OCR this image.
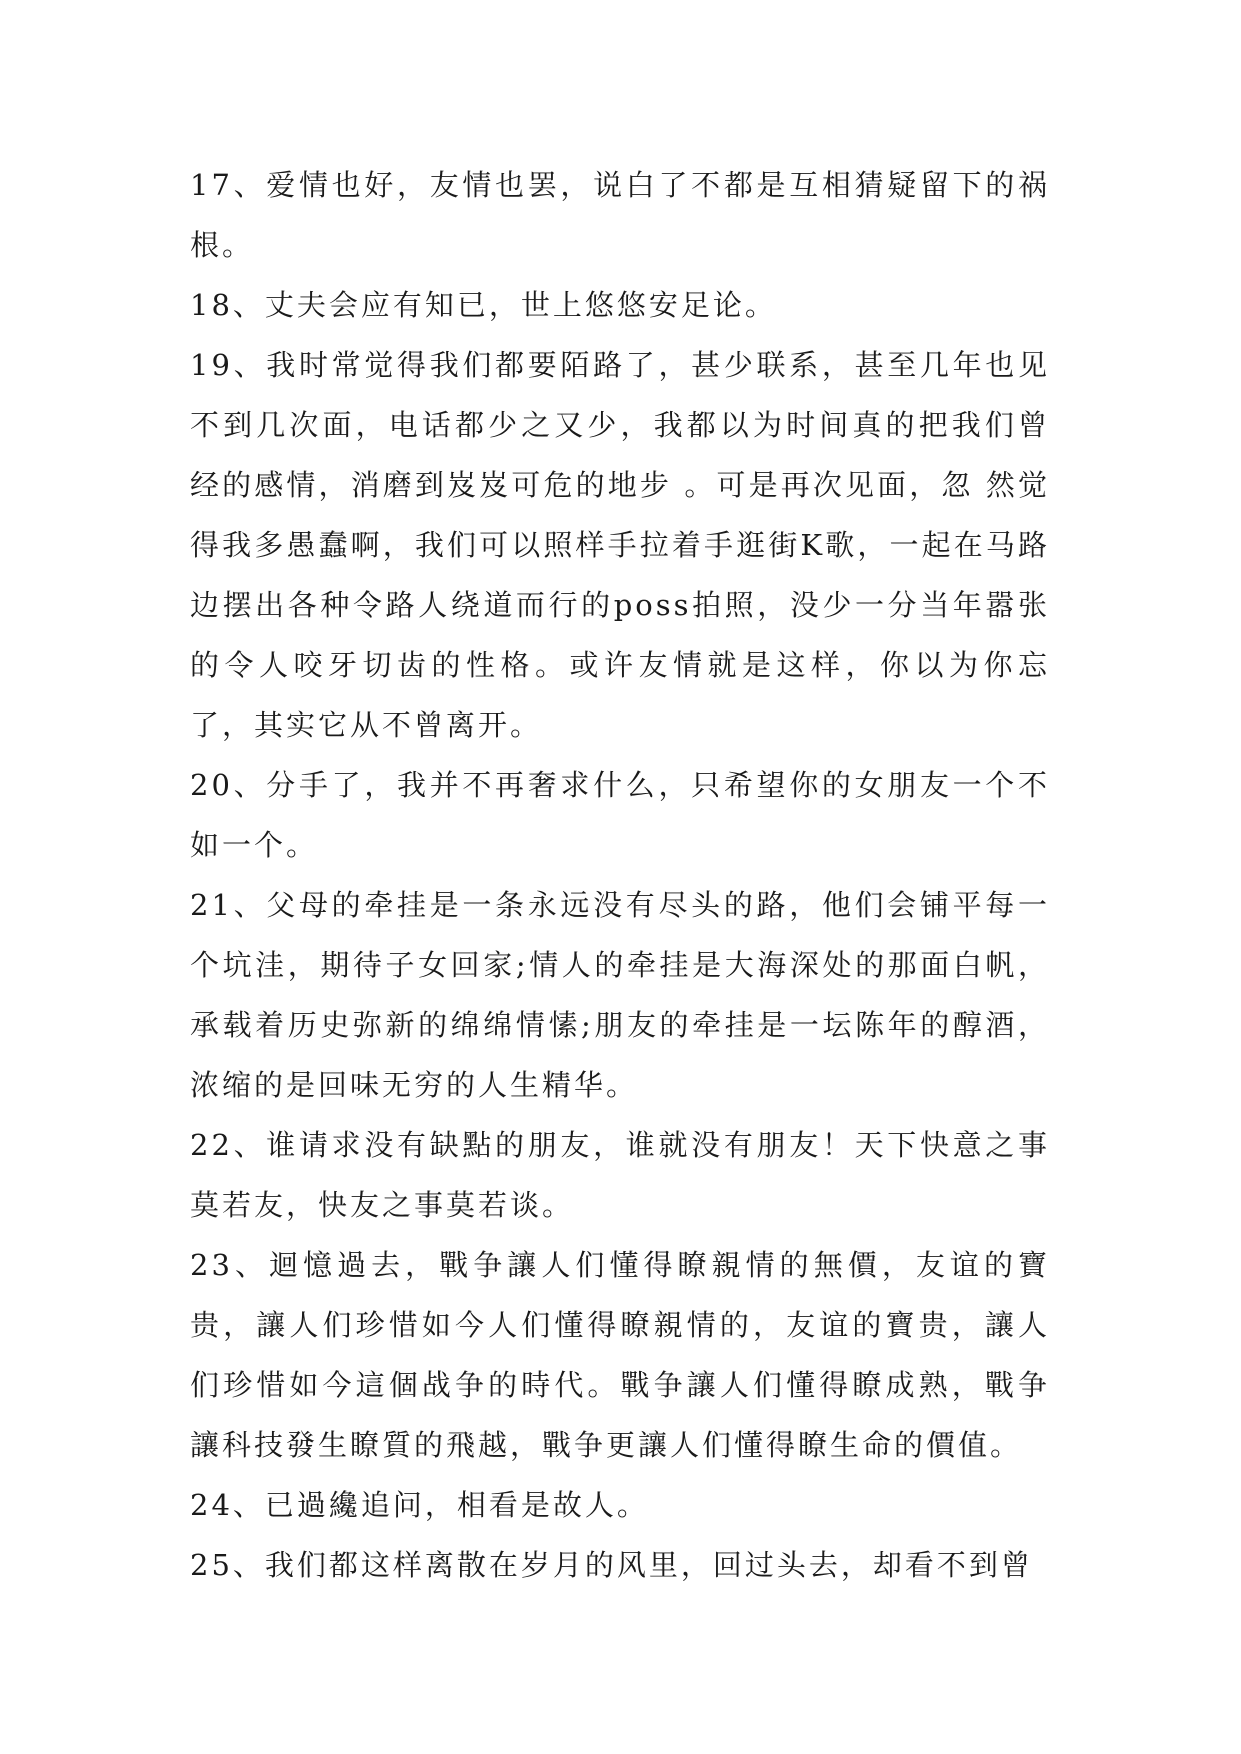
17、爱情也好，友情也罢，说白了不都是互相猜疑留下的祸根。

18、丈夫会应有知已，世上悠悠安足论。

19、我时常觉得我们都要陌路了，甚少联系，甚至几年也见不到几次面，电话都少之又少，我都以为时间真的把我们曾经的感情，消磨到岌岌可危的地步 。可是再次见面，忽 然觉得我多愚蠢啊，我们可以照样手拉着手逛街K歌，一起在马路边摆出各种令路人绕道而行的poss拍照，没少一分当年嚣张的令人咬牙切齿的性格。或许友情就是这样，你以为你忘了，其实它从不曾离开。

20、分手了，我并不再奢求什么，只希望你的女朋友一个不如一个。

21、父母的牵挂是一条永远没有尽头的路，他们会铺平每一个坑洼，期待子女回家;情人的牵挂是大海深处的那面白帆，承载着历史弥新的绵绵情愫;朋友的牵挂是一坛陈年的醇酒，浓缩的是回味无穷的人生精华。

22、谁请求没有缺點的朋友，谁就没有朋友！天下快意之事莫若友，快友之事莫若谈。

23、迴憶過去，戰争讓人们懂得瞭親情的無價，友谊的寶贵，讓人们珍惜如今人们懂得瞭親情的，友谊的寶贵，讓人们珍惜如今這個战争的時代。戰争讓人们懂得瞭成熟，戰争讓科技發生瞭質的飛越，戰争更讓人们懂得瞭生命的價值。

24、已過纔追问，相看是故人。

25、我们都这样离散在岁月的风里，回过头去，却看不到曾
